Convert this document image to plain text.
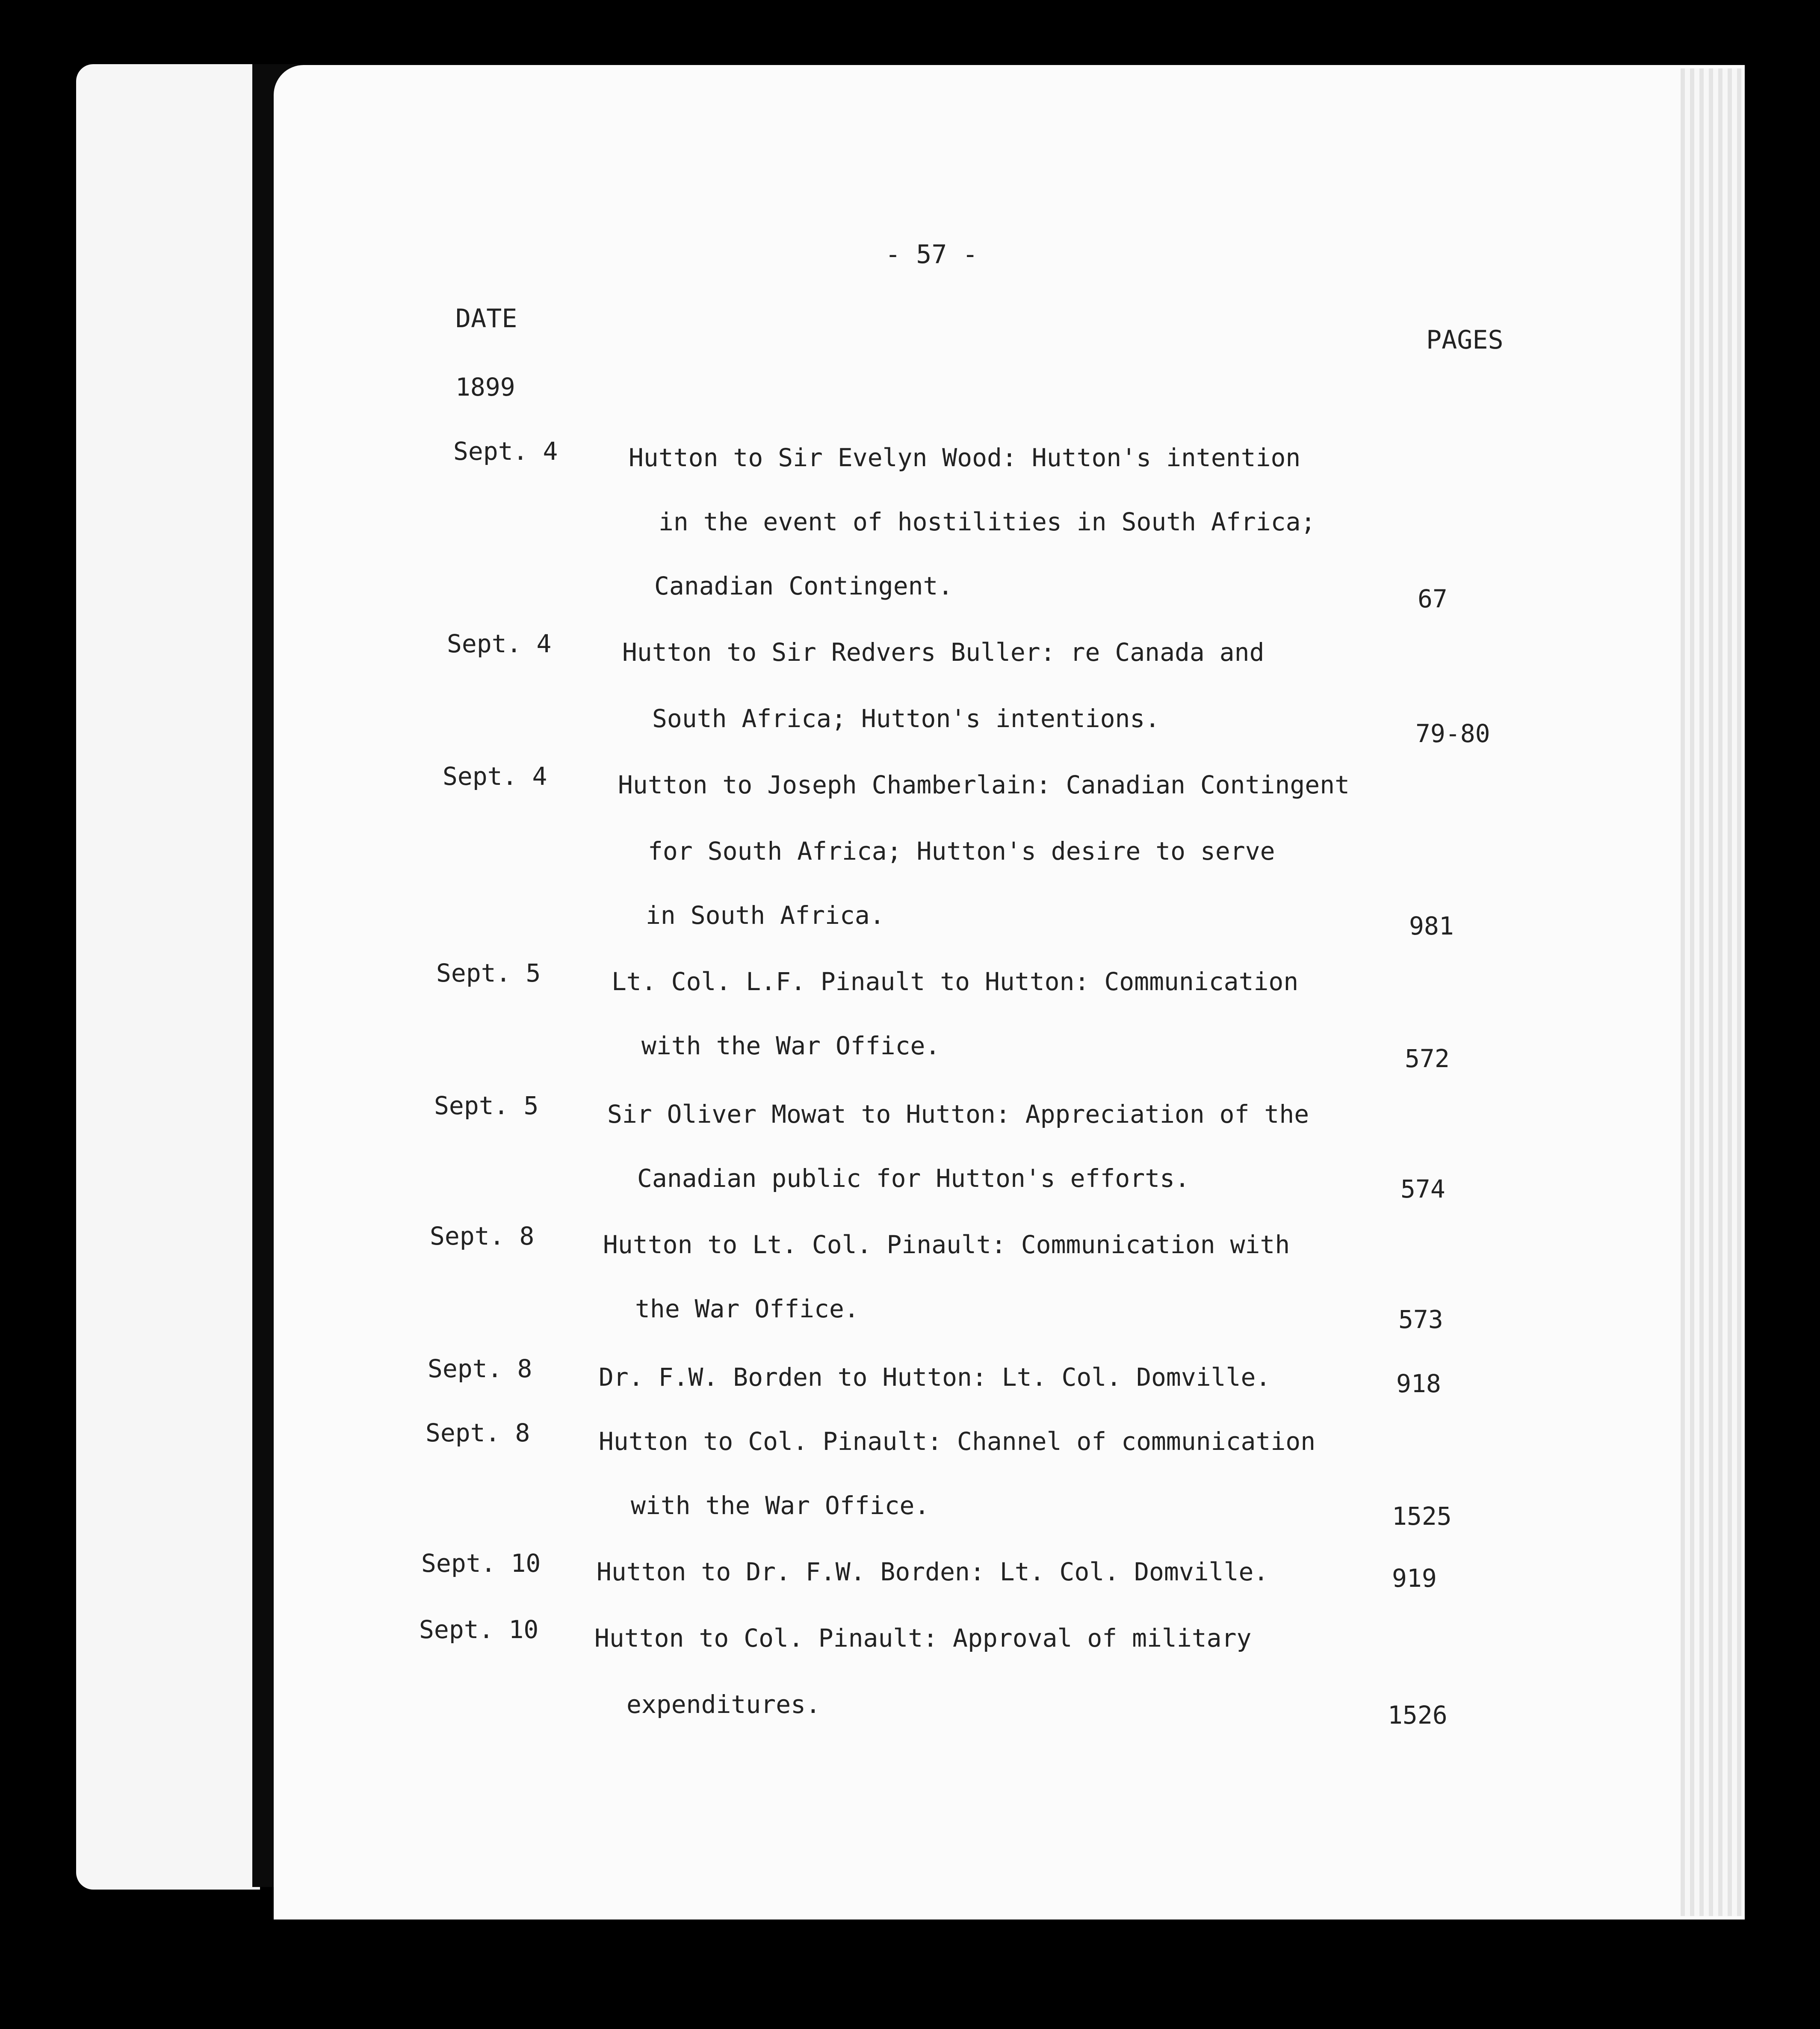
- 57 -
DATE
PAGES
1899
Sept. 4	Hutton to Sir Evelyn Wood: Hutton's intention
in the event of hostilities in South Africa;
Canadian Contingent.	67
Sept. 4	Hutton to Sir Redvers Buller: re Canada and
South Africa; Hutton's intentions.
79-80
Sept. 4	Hutton to Joseph Chamberlain: Canadian Contingent
for South Africa; Hutton's desire to serve
in South Africa.	981
Sept. 5	Lt. Col. L.F. Pinault to Hutton: Communication
with the War Office.	572
Sept. 5	Sir Oliver Mowat to Hutton: Appreciation of the
Canadian public for Hutton's efforts.	574
Sept. 8	Hutton to Lt. Col. Pinault: Communication with
the War Office.	573
Sept. 8	Dr. F.W. Borden to Hutton: Lt. Col. Domville.	918
Sept. 8	Hutton to Col. Pinault: Channel of communication
with the War Office.	1525
Sept. 10 Hutton to Dr. F.W. Borden: Lt. Col. Domville.	919
Sept. 10 Hutton to Col. Pinault: Approval of military
expenditures.	1526
